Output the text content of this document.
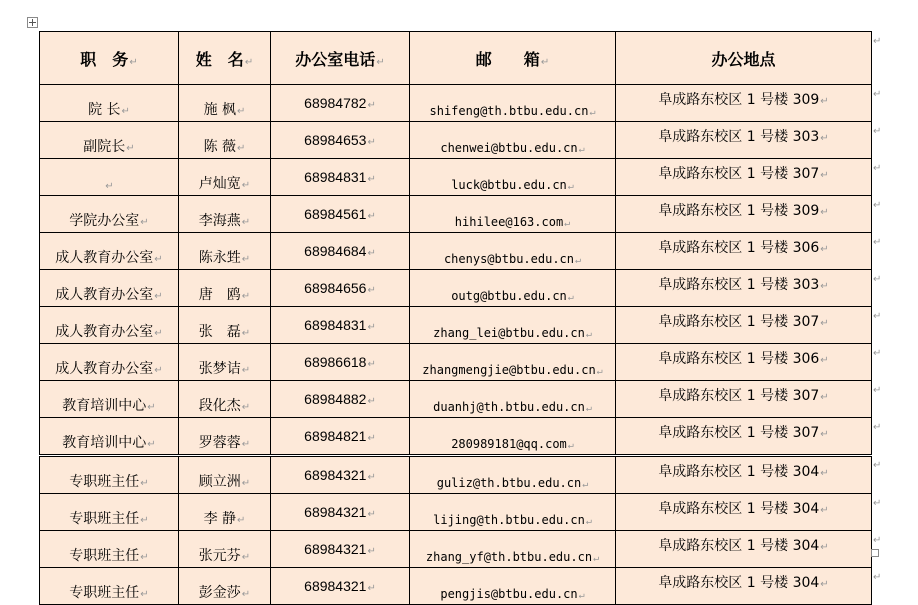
职　务↵	姓　名↵	办公室电话↵	邮　　箱↵	办公地点
院 长↵	施 枫↵	68984782↵	shifeng@th.btbu.edu.cn↵	阜成路东校区 1 号楼 309↵
副院长↵	陈 薇↵	68984653↵	chenwei@btbu.edu.cn↵	阜成路东校区 1 号楼 303↵
↵	卢灿宽↵	68984831↵	luck@btbu.edu.cn↵	阜成路东校区 1 号楼 307↵
学院办公室↵	李海燕↵	68984561↵	hihilee@163.com↵	阜成路东校区 1 号楼 309↵
成人教育办公室↵	陈永甡↵	68984684↵	chenys@btbu.edu.cn↵	阜成路东校区 1 号楼 306↵
成人教育办公室↵	唐　鸥↵	68984656↵	outg@btbu.edu.cn↵	阜成路东校区 1 号楼 303↵
成人教育办公室↵	张　磊↵	68984831↵	zhang_lei@btbu.edu.cn↵	阜成路东校区 1 号楼 307↵
成人教育办公室↵	张梦诘↵	68986618↵	zhangmengjie@btbu.edu.cn↵	阜成路东校区 1 号楼 306↵
教育培训中心↵	段化杰↵	68984882↵	duanhj@th.btbu.edu.cn↵	阜成路东校区 1 号楼 307↵
教育培训中心↵	罗蓉蓉↵	68984821↵	280989181@qq.com↵	阜成路东校区 1 号楼 307↵
专职班主任↵	顾立洲↵	68984321↵	guliz@th.btbu.edu.cn↵	阜成路东校区 1 号楼 304↵
专职班主任↵	李 静↵	68984321↵	lijing@th.btbu.edu.cn↵	阜成路东校区 1 号楼 304↵
专职班主任↵	张元芬↵	68984321↵	zhang_yf@th.btbu.edu.cn↵	阜成路东校区 1 号楼 304↵
专职班主任↵	彭金莎↵	68984321↵	pengjis@btbu.edu.cn↵	阜成路东校区 1 号楼 304↵
↵
↵
↵
↵
↵
↵
↵
↵
↵
↵
↵
↵
↵
↵
↵
